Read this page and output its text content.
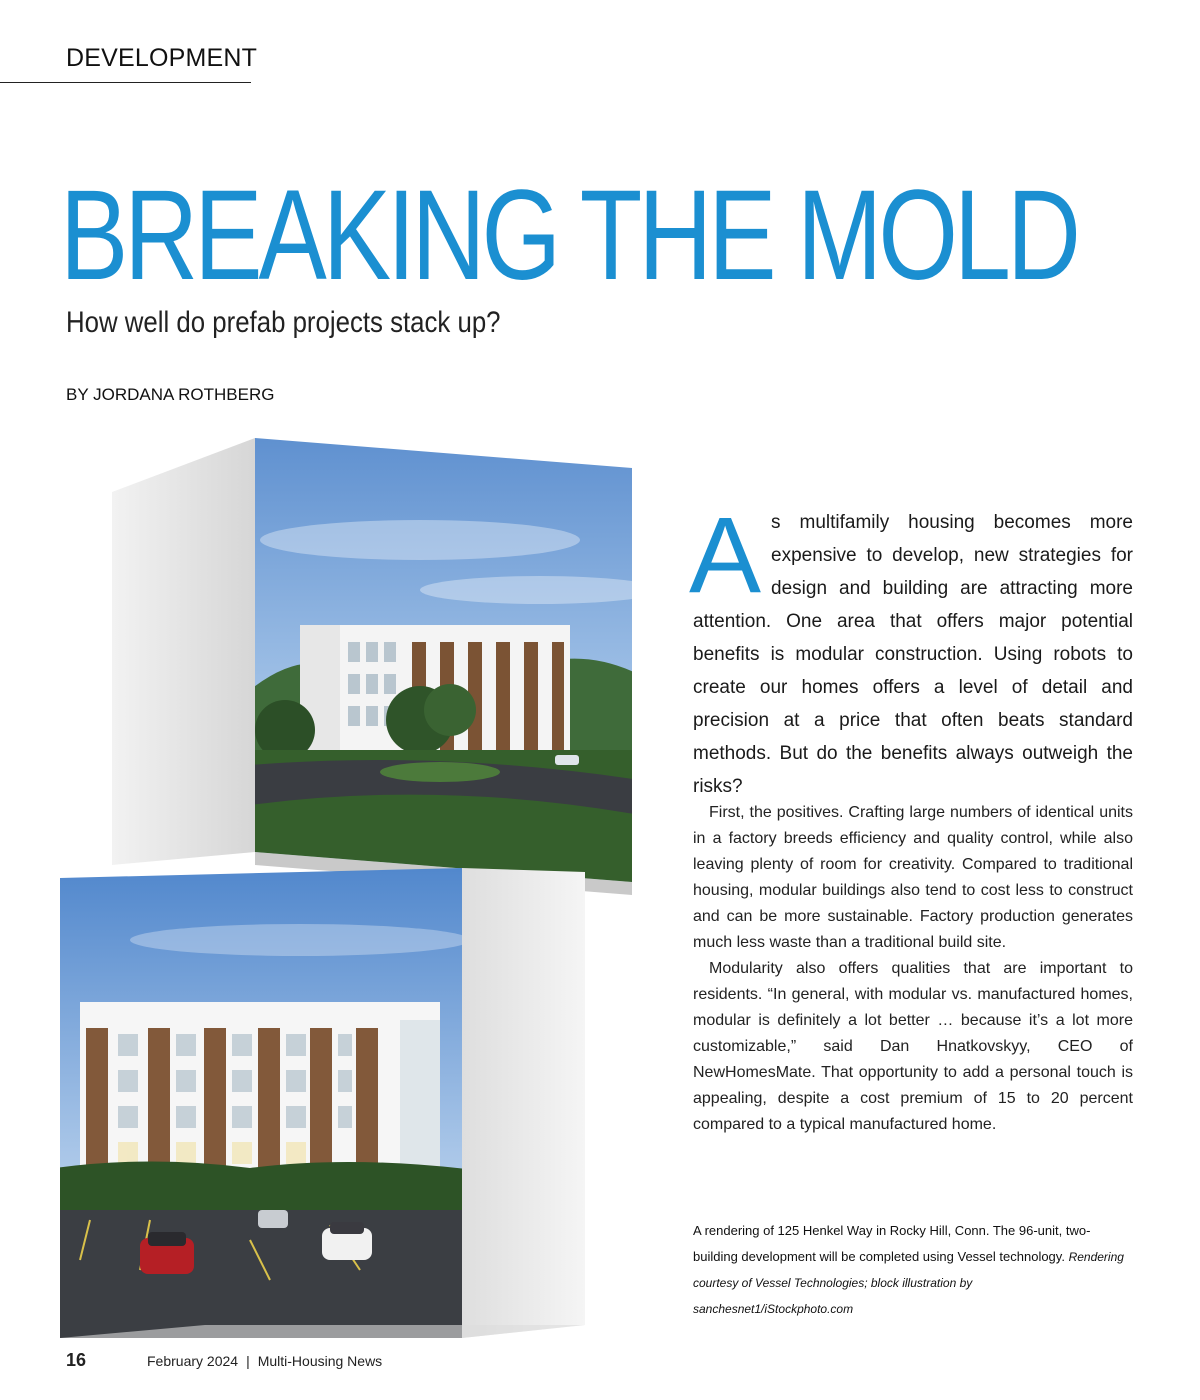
DEVELOPMENT
BREAKING THE MOLD
How well do prefab projects stack up?
BY JORDANA ROTHBERG

As multifamily housing becomes more expensive to develop, new strategies for design and building are attracting more attention. One area that offers major potential benefits is modular construction. Using robots to create our homes offers a level of detail and precision at a price that often beats standard methods. But do the benefits always outweigh the risks?

First, the positives. Crafting large numbers of identical units in a factory breeds efficiency and quality control, while also leaving plenty of room for creativity. Compared to traditional housing, modular buildings also tend to cost less to construct and can be more sustainable. Factory production generates much less waste than a traditional build site.

Modularity also offers qualities that are important to residents. “In general, with modular vs. manufactured homes, modular is definitely a lot better … because it’s a lot more customizable,” said Dan Hnatkovskyy, CEO of NewHomesMate. That opportunity to add a personal touch is appealing, despite a cost premium of 15 to 20 percent compared to a typical manufactured home.

A rendering of 125 Henkel Way in Rocky Hill, Conn. The 96-unit, two-building development will be completed using Vessel technology. Rendering courtesy of Vessel Technologies; block illustration by sanchesnet1/iStockphoto.com

16	February 2024 | Multi-Housing News
